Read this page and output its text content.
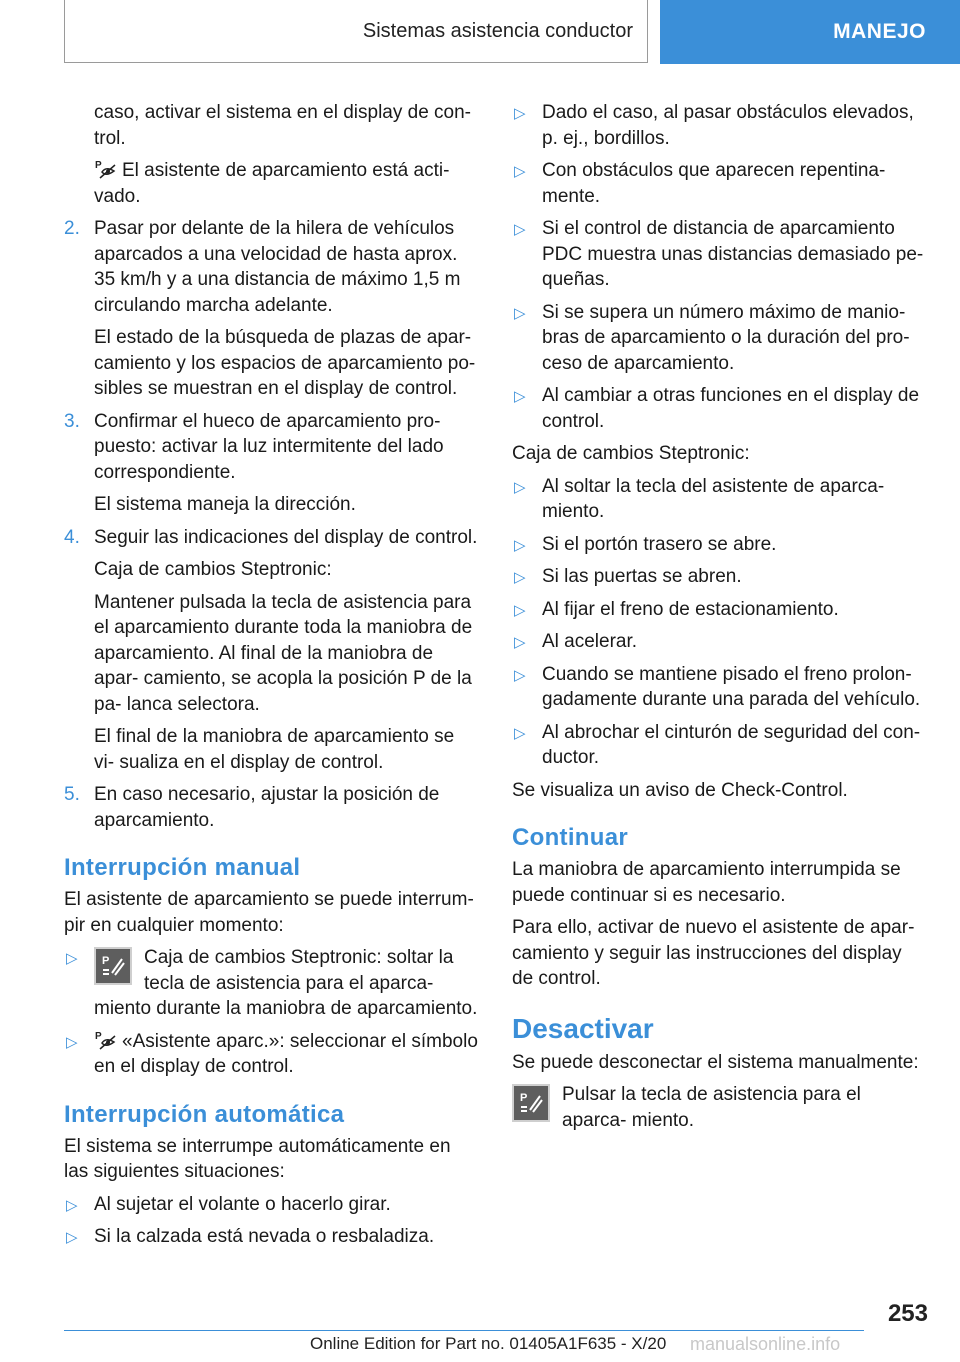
Sistemas asistencia conductor	MANEJO

caso, activar el sistema en el display de con- trol.

P El asistente de aparcamiento está acti- vado.

2. Pasar por delante de la hilera de vehículos aparcados a una velocidad de hasta aprox. 35 km/h y a una distancia de máximo 1,5 m circulando marcha adelante.

El estado de la búsqueda de plazas de apar- camiento y los espacios de aparcamiento po- sibles se muestran en el display de control.

3. Confirmar el hueco de aparcamiento pro- puesto: activar la luz intermitente del lado correspondiente.

El sistema maneja la dirección.

4. Seguir las indicaciones del display de control.

Caja de cambios Steptronic:

Mantener pulsada la tecla de asistencia para el aparcamiento durante toda la maniobra de aparcamiento. Al final de la maniobra de apar- camiento, se acopla la posición P de la pa- lanca selectora.

El final de la maniobra de aparcamiento se vi- sualiza en el display de control.

5. En caso necesario, ajustar la posición de aparcamiento.

Interrupción manual

El asistente de aparcamiento se puede interrum- pir en cualquier momento:

▷ P Caja de cambios Steptronic: soltar la tecla de asistencia para el aparca- miento durante la maniobra de aparcamiento.
▷ P «Asistente aparc.»: seleccionar el símbolo en el display de control.
Interrupción automática

El sistema se interrumpe automáticamente en las siguientes situaciones:

▷ Al sujetar el volante o hacerlo girar.
▷ Si la calzada está nevada o resbaladiza.
▷ Dado el caso, al pasar obstáculos elevados, p. ej., bordillos.
▷ Con obstáculos que aparecen repentina- mente.
▷ Si el control de distancia de aparcamiento PDC muestra unas distancias demasiado pe- queñas.
▷ Si se supera un número máximo de manio- bras de aparcamiento o la duración del pro- ceso de aparcamiento.
▷ Al cambiar a otras funciones en el display de control.

Caja de cambios Steptronic:

▷ Al soltar la tecla del asistente de aparca- miento.
▷ Si el portón trasero se abre.
▷ Si las puertas se abren.
▷ Al fijar el freno de estacionamiento.
▷ Al acelerar.
▷ Cuando se mantiene pisado el freno prolon- gadamente durante una parada del vehículo.
▷ Al abrochar el cinturón de seguridad del con- ductor.

Se visualiza un aviso de Check-Control.

Continuar

La maniobra de aparcamiento interrumpida se puede continuar si es necesario.

Para ello, activar de nuevo el asistente de apar- camiento y seguir las instrucciones del display de control.

Desactivar

Se puede desconectar el sistema manualmente:

P Pulsar la tecla de asistencia para el aparca- miento.
253
Online Edition for Part no. 01405A1F635 - X/20 manualsonline.info
